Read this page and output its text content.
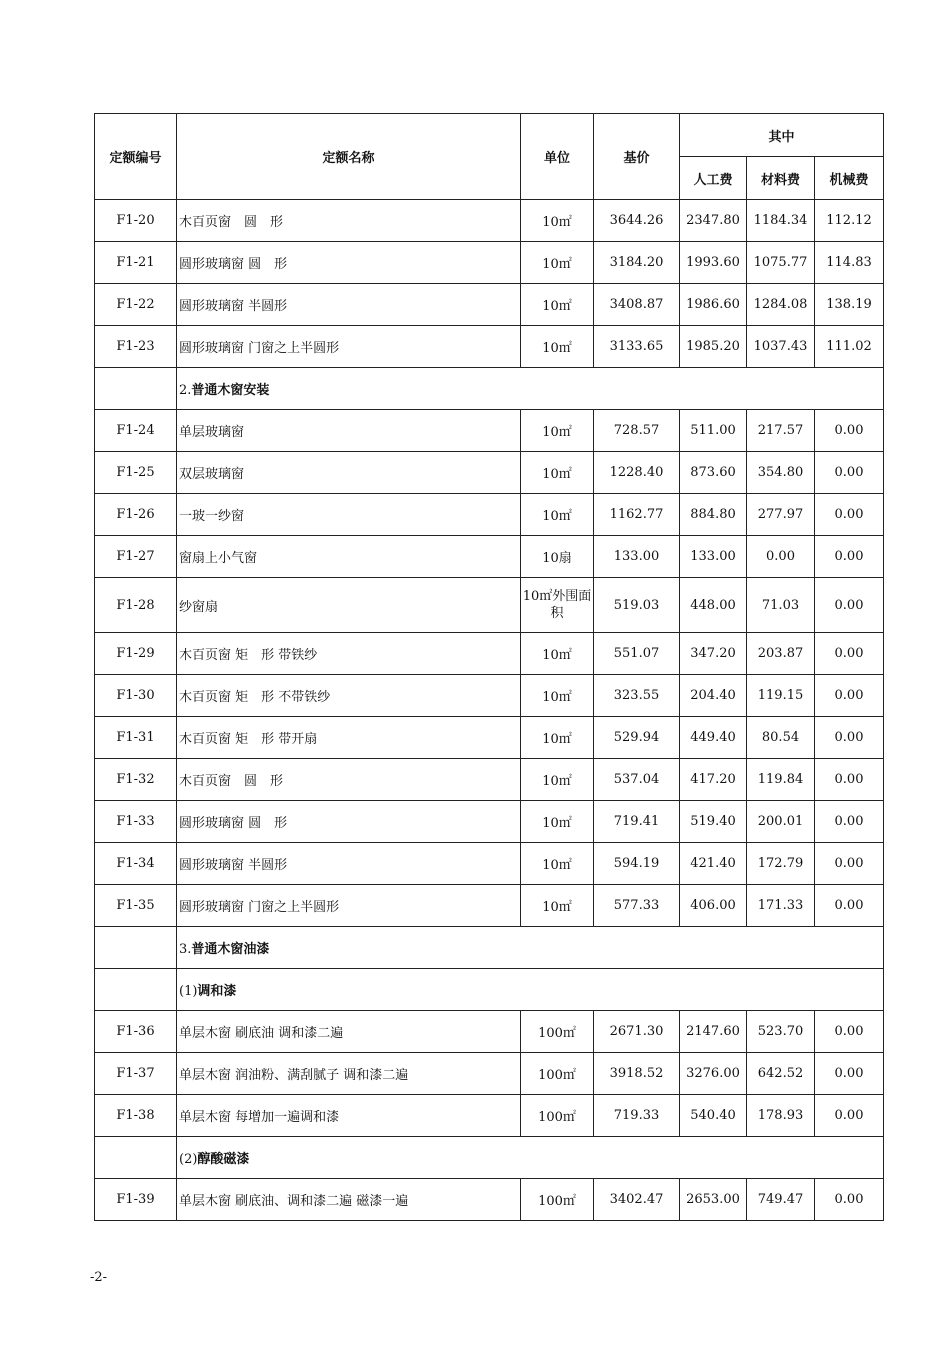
定额编号	定额名称	单位	基价	其中		
				人工费	材料费	机械费
F1-20	木百页窗　圆　形	10㎡	3644.26	2347.80	1184.34	112.12
F1-21	圆形玻璃窗 圆　形	10㎡	3184.20	1993.60	1075.77	114.83
F1-22	圆形玻璃窗 半圆形	10㎡	3408.87	1986.60	1284.08	138.19
F1-23	圆形玻璃窗 门窗之上半圆形	10㎡	3133.65	1985.20	1037.43	111.02
	2.普通木窗安装					
F1-24	单层玻璃窗	10㎡	728.57	511.00	217.57	0.00
F1-25	双层玻璃窗	10㎡	1228.40	873.60	354.80	0.00
F1-26	一玻一纱窗	10㎡	1162.77	884.80	277.97	0.00
F1-27	窗扇上小气窗	10扇	133.00	133.00	0.00	0.00
F1-28	纱窗扇	10㎡外围面积	519.03	448.00	71.03	0.00
F1-29	木百页窗 矩　形 带铁纱	10㎡	551.07	347.20	203.87	0.00
F1-30	木百页窗 矩　形 不带铁纱	10㎡	323.55	204.40	119.15	0.00
F1-31	木百页窗 矩　形 带开扇	10㎡	529.94	449.40	80.54	0.00
F1-32	木百页窗　圆　形	10㎡	537.04	417.20	119.84	0.00
F1-33	圆形玻璃窗 圆　形	10㎡	719.41	519.40	200.01	0.00
F1-34	圆形玻璃窗 半圆形	10㎡	594.19	421.40	172.79	0.00
F1-35	圆形玻璃窗 门窗之上半圆形	10㎡	577.33	406.00	171.33	0.00
	3.普通木窗油漆					
	(1)调和漆					
F1-36	单层木窗 刷底油 调和漆二遍	100㎡	2671.30	2147.60	523.70	0.00
F1-37	单层木窗 润油粉、满刮腻子 调和漆二遍	100㎡	3918.52	3276.00	642.52	0.00
F1-38	单层木窗 每增加一遍调和漆	100㎡	719.33	540.40	178.93	0.00
	(2)醇酸磁漆					
F1-39	单层木窗 刷底油、调和漆二遍 磁漆一遍	100㎡	3402.47	2653.00	749.47	0.00
-2-
